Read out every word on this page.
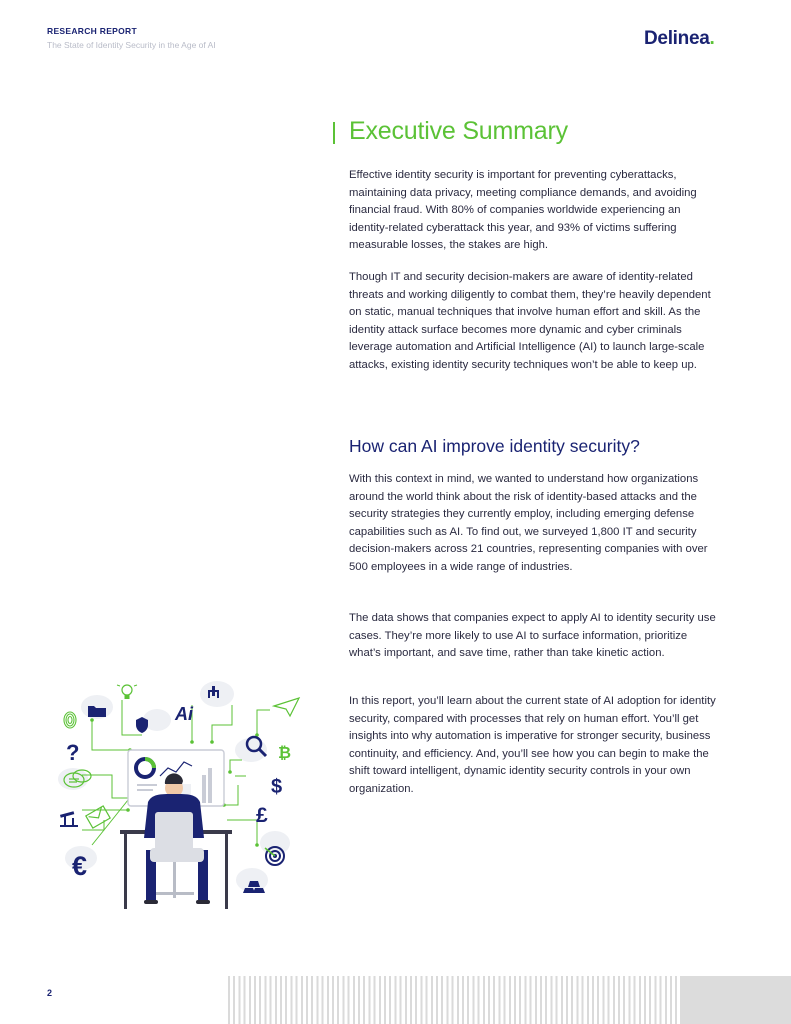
RESEARCH REPORT
The State of Identity Security in the Age of AI	Delinea.
Executive Summary

Effective identity security is important for preventing cyberattacks, maintaining data privacy, meeting compliance demands, and avoiding financial fraud. With 80% of companies worldwide experiencing an identity-related cyberattack this year, and 93% of victims suffering measurable losses, the stakes are high.

Though IT and security decision-makers are aware of identity-related threats and working diligently to combat them, they’re heavily dependent on static, manual techniques that involve human effort and skill. As the identity attack surface becomes more dynamic and cyber criminals leverage automation and Artificial Intelligence (AI) to launch large-scale attacks, existing identity security techniques won’t be able to keep up.

How can AI improve identity security?

With this context in mind, we wanted to understand how organizations around the world think about the risk of identity-based attacks and the security strategies they currently employ, including emerging defense capabilities such as AI. To find out, we surveyed 1,800 IT and security decision-makers across 21 countries, representing companies with over 500 employees in a wide range of industries.

The data shows that companies expect to apply AI to identity security use cases. They’re more likely to use AI to surface information, prioritize what’s important, and save time, rather than take kinetic action.

In this report, you’ll learn about the current state of AI adoption for identity security, compared with processes that rely on human effort. You’ll get insights into why automation is imperative for stronger security, business continuity, and efficiency. And, you’ll see how you can begin to make the shift toward intelligent, dynamic identity security controls in your own organization.

Ai
?	₿
$
£
€
2
